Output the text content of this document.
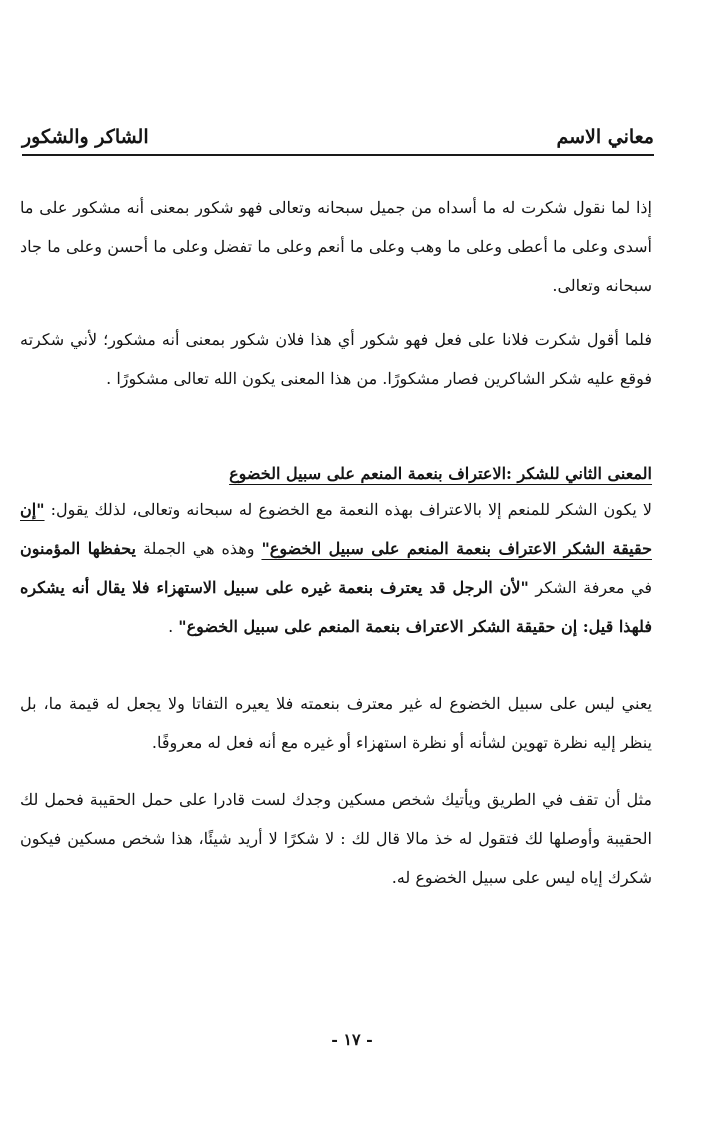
معاني الاسم
الشاكر والشكور

إذا لما نقول شكرت له ما أسداه من جميل سبحانه وتعالى فهو شكور بمعنى أنه مشكور على ما أسدى وعلى ما أعطى وعلى ما وهب وعلى ما أنعم وعلى ما تفضل وعلى ما أحسن وعلى ما جاد سبحانه وتعالى.

فلما أقول شكرت فلانا على فعل فهو شكور أي هذا فلان شكور بمعنى أنه مشكور؛ لأني شكرته فوقع عليه شكر الشاكرين فصار مشكورًا. من هذا المعنى يكون الله تعالى مشكورًا .

المعنى الثاني للشكر :الاعتراف بنعمة المنعم على سبيل الخضوع

لا يكون الشكر للمنعم إلا بالاعتراف بهذه النعمة مع الخضوع له سبحانه وتعالى، لذلك يقول: "إن حقيقة الشكر الاعتراف بنعمة المنعم على سبيل الخضوع" وهذه هي الجملة يحفظها المؤمنون في معرفة الشكر "لأن الرجل قد يعترف بنعمة غيره على سبيل الاستهزاء فلا يقال أنه يشكره فلهذا قيل: إن حقيقة الشكر الاعتراف بنعمة المنعم على سبيل الخضوع" .

يعني ليس على سبيل الخضوع له غير معترف بنعمته فلا يعيره التفاتا ولا يجعل له قيمة ما، بل ينظر إليه نظرة تهوين لشأنه أو نظرة استهزاء أو غيره مع أنه فعل له معروفًا.

مثل أن تقف في الطريق ويأتيك شخص مسكين وجدك لست قادرا على حمل الحقيبة فحمل لك الحقيبة وأوصلها لك فتقول له خذ مالا قال لك : لا شكرًا لا أريد شيئًا، هذا شخص مسكين فيكون شكرك إياه ليس على سبيل الخضوع له.

- ١٧ -
